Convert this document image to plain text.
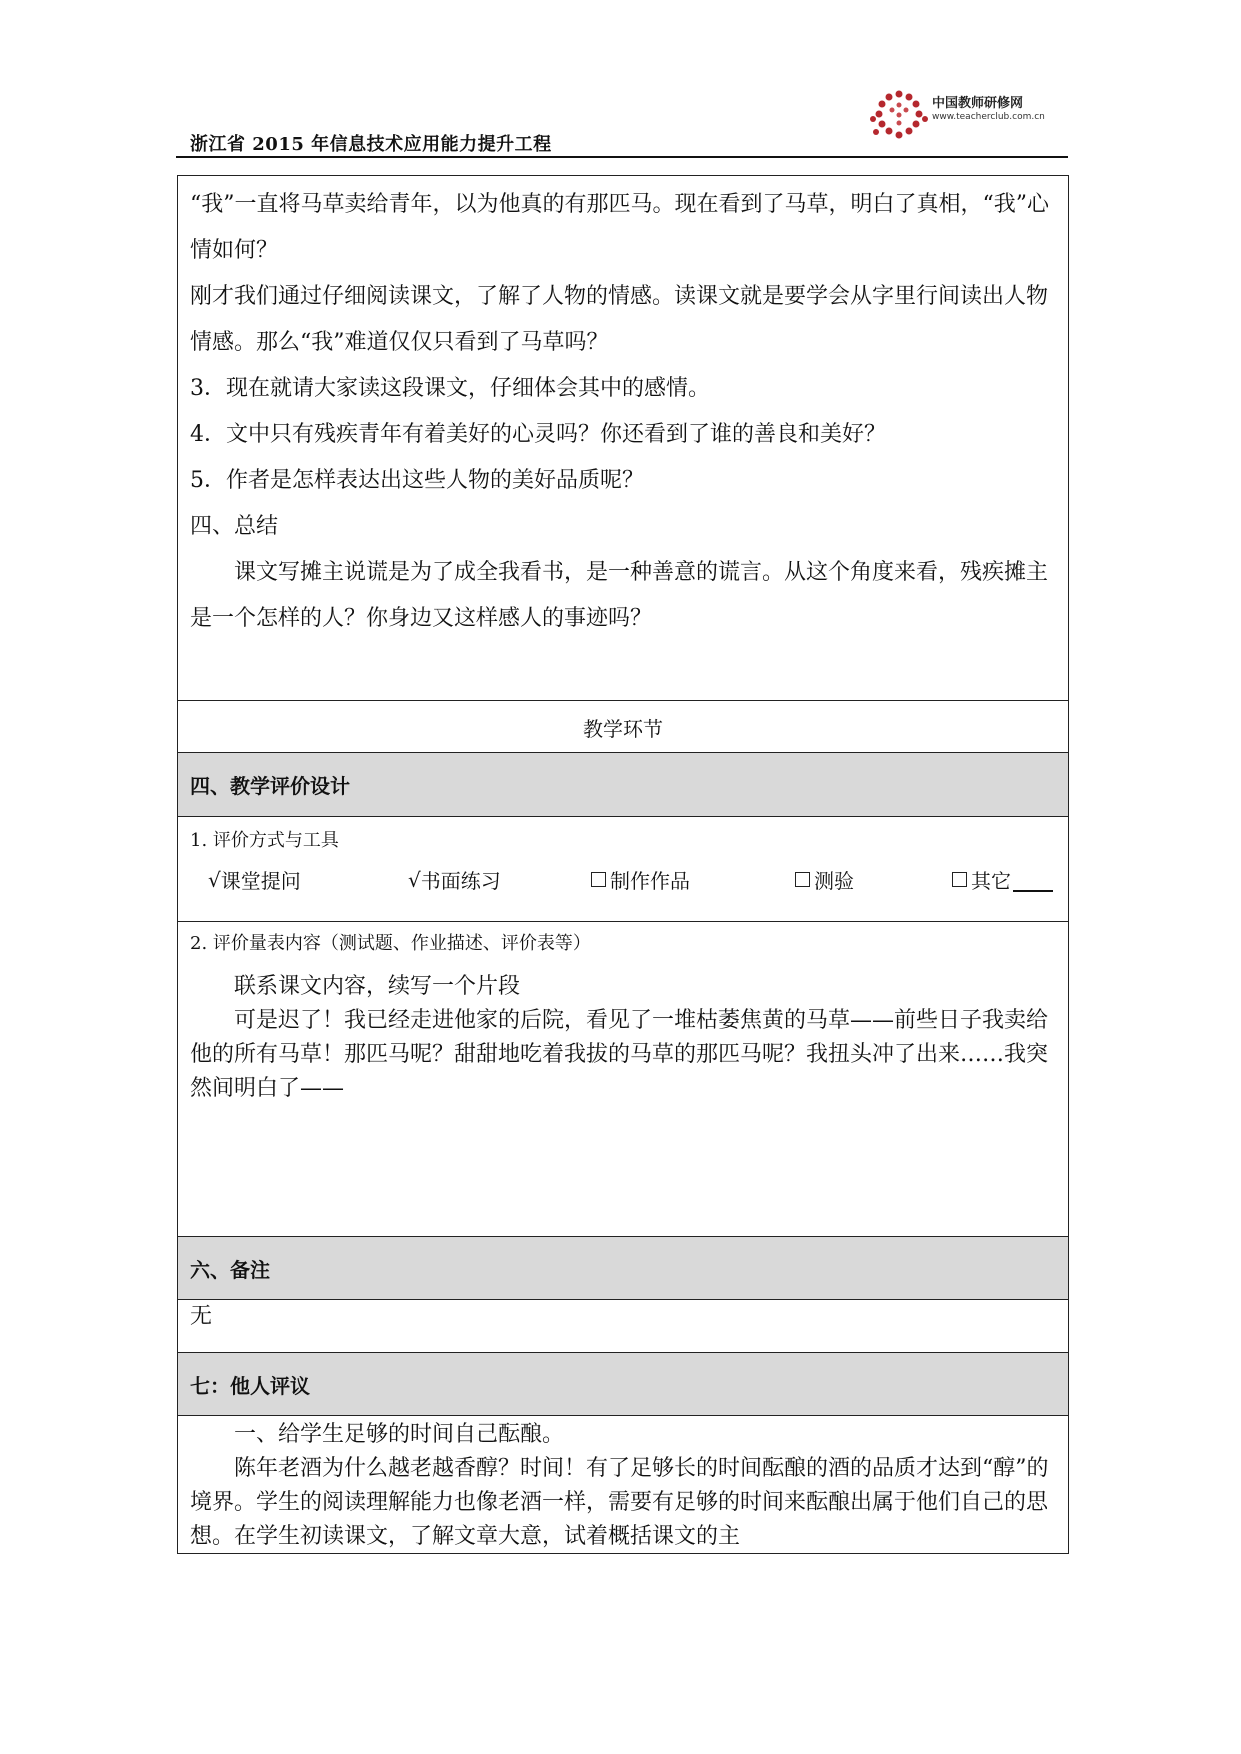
浙江省 2015 年信息技术应用能力提升工程
中国教师研修网
www.teacherclub.com.cn

“我”一直将马草卖给青年，以为他真的有那匹马。现在看到了马草，明白了真相，“我”心情如何？

刚才我们通过仔细阅读课文，了解了人物的情感。读课文就是要学会从字里行间读出人物情感。那么“我”难道仅仅只看到了马草吗？

3．现在就请大家读这段课文，仔细体会其中的感情。

4．文中只有残疾青年有着美好的心灵吗？你还看到了谁的善良和美好？

5．作者是怎样表达出这些人物的美好品质呢？

四、总结

课文写摊主说谎是为了成全我看书，是一种善意的谎言。从这个角度来看，残疾摊主是一个怎样的人？你身边又这样感人的事迹吗？

教学环节
四、教学评价设计
1. 评价方式与工具
√ 课堂提问	√ 书面练习	制作作品	测验	其它
2. 评价量表内容（测试题、作业描述、评价表等）

联系课文内容，续写一个片段

可是迟了！我已经走进他家的后院，看见了一堆枯萎焦黄的马草——前些日子我卖给他的所有马草！那匹马呢？甜甜地吃着我拔的马草的那匹马呢？我扭头冲了出来……我突然间明白了——

六、备注
无
七：他人评议

一、给学生足够的时间自己酝酿。

陈年老酒为什么越老越香醇？时间！有了足够长的时间酝酿的酒的品质才达到“醇”的境界。学生的阅读理解能力也像老酒一样，需要有足够的时间来酝酿出属于他们自己的思想。在学生初读课文，了解文章大意，试着概括课文的主
